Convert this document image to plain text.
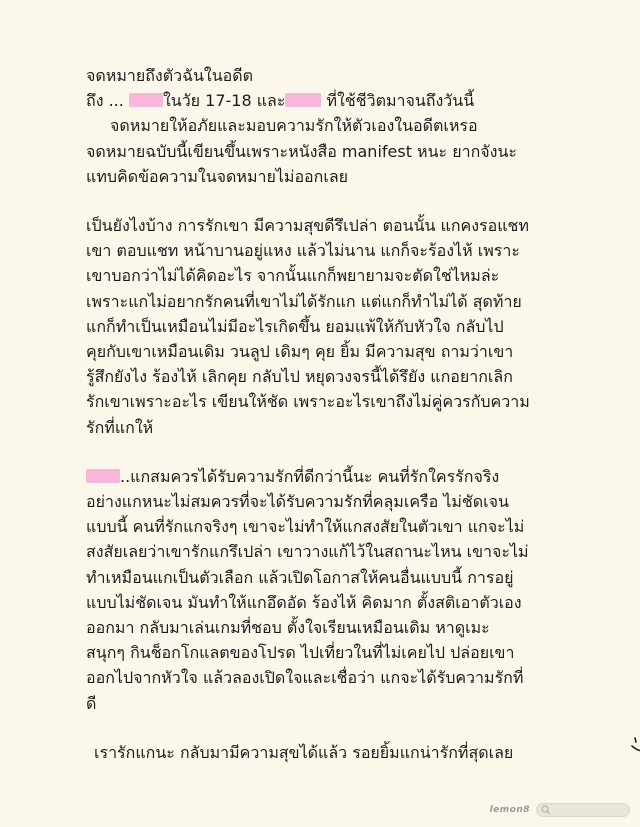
จดหมายถึงตัวฉันในอดีต
ถึง ... ในวัย 17-18 และ ที่ใช้ชีวิตมาจนถึงวันนี้
จดหมายให้อภัยและมอบความรักให้ตัวเองในอดีตเหรอ
จดหมายฉบับนี้เขียนขึ้นเพราะหนังสือ manifest หนะ ยากจังนะ
แทบคิดข้อความในจดหมายไม่ออกเลย
เป็นยังไงบ้าง การรักเขา มีความสุขดีรึเปล่า ตอนนั้น แกคงรอแชท
เขา ตอบแชท หน้าบานอยู่แหง แล้วไม่นาน แกก็จะร้องไห้ เพราะ
เขาบอกว่าไม่ได้คิดอะไร จากนั้นแกก็พยายามจะตัดใช่ไหมล่ะ
เพราะแกไม่อยากรักคนที่เขาไม่ได้รักแก แต่แกก็ทำไม่ได้ สุดท้าย
แกก็ทำเป็นเหมือนไม่มีอะไรเกิดขึ้น ยอมแพ้ให้กับหัวใจ กลับไป
คุยกับเขาเหมือนเดิม วนลูป เดิมๆ คุย ยิ้ม มีความสุข ถามว่าเขา
รู้สึกยังไง ร้องไห้ เลิกคุย กลับไป หยุดวงจรนี้ได้รึยัง แกอยากเลิก
รักเขาเพราะอะไร เขียนให้ชัด เพราะอะไรเขาถึงไม่คู่ควรกับความ
รักที่แกให้
..แกสมควรได้รับความรักที่ดีกว่านี้นะ คนที่รักใครรักจริง
อย่างแกหนะไม่สมควรที่จะได้รับความรักที่คลุมเครือ ไม่ชัดเจน
แบบนี้ คนที่รักแกจริงๆ เขาจะไม่ทำให้แกสงสัยในตัวเขา แกจะไม่
สงสัยเลยว่าเขารักแกรึเปล่า เขาวางแก้ไว้ในสถานะไหน เขาจะไม่
ทำเหมือนแกเป็นตัวเลือก แล้วเปิดโอกาสให้คนอื่นแบบนี้ การอยู่
แบบไม่ชัดเจน มันทำให้แกอึดอัด ร้องไห้ คิดมาก ตั้งสติเอาตัวเอง
ออกมา กลับมาเล่นเกมที่ชอบ ตั้งใจเรียนเหมือนเดิม หาดูเมะ
สนุกๆ กินช็อกโกแลตของโปรด ไปเที่ยวในที่ไม่เคยไป ปล่อยเขา
ออกไปจากหัวใจ แล้วลองเปิดใจและเชื่อว่า แกจะได้รับความรักที่
ดี
เรารักแกนะ กลับมามีความสุขได้แล้ว รอยยิ้มแกน่ารักที่สุดเลย
lemon8
